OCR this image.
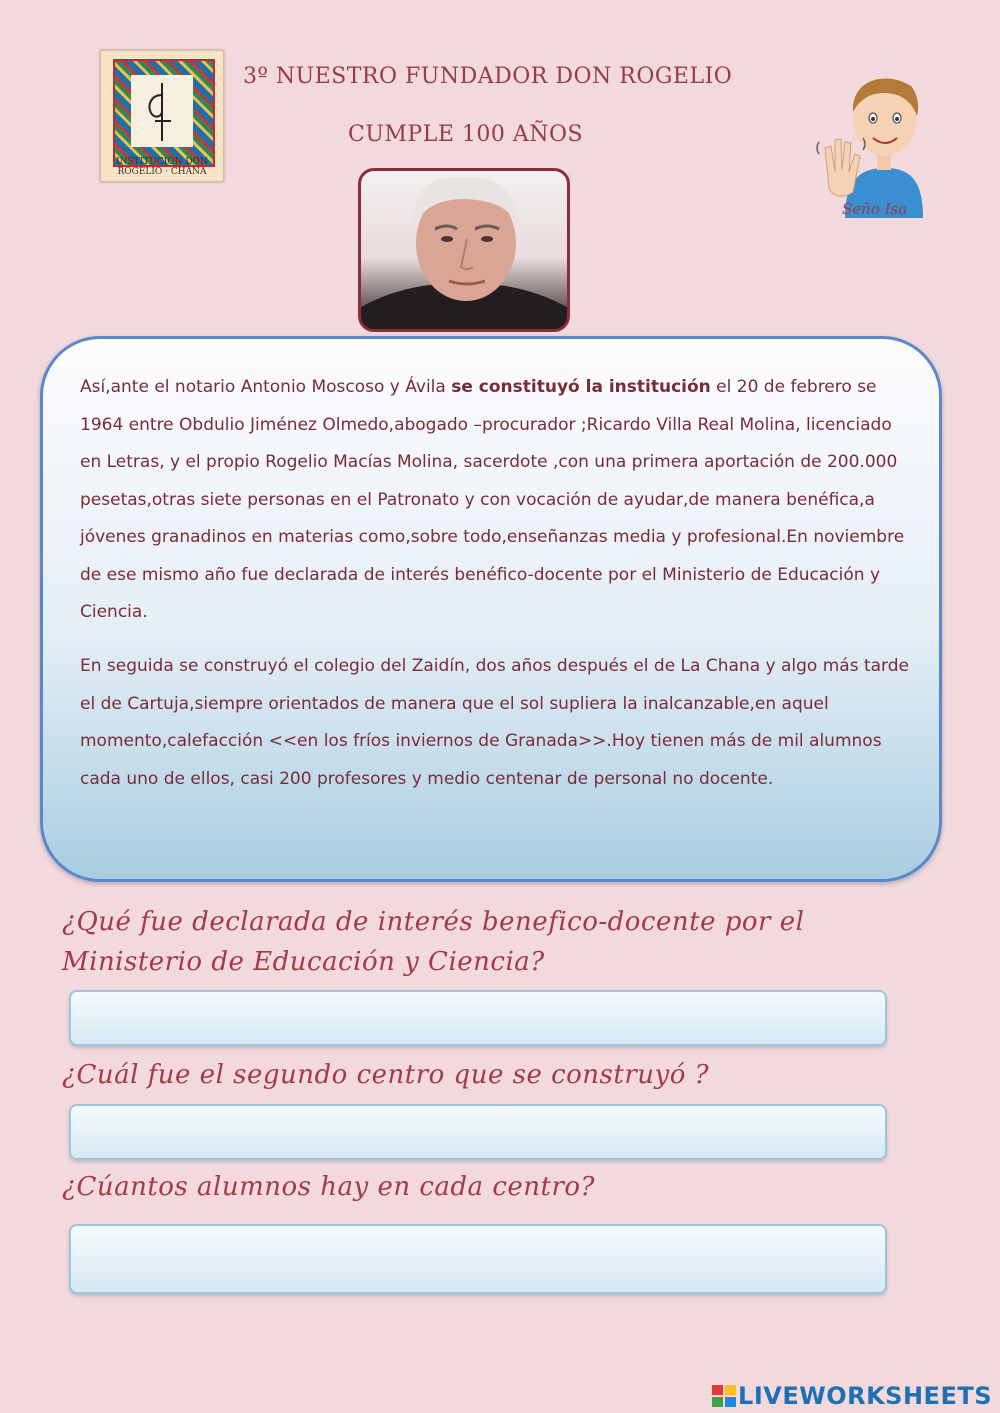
INSTITUCIÓN DON ROGELIO · CHANA
3º NUESTRO FUNDADOR DON ROGELIO
CUMPLE 100 AÑOS
Seño Isa

Así,ante el notario Antonio Moscoso y Ávila se constituyó la institución el 20 de febrero se 1964 entre Obdulio Jiménez Olmedo,abogado –procurador ;Ricardo Villa Real Molina, licenciado en Letras, y el propio Rogelio Macías Molina, sacerdote ,con una primera aportación de 200.000 pesetas,otras siete personas en el Patronato y con vocación de ayudar,de manera benéfica,a jóvenes granadinos en materias como,sobre todo,enseñanzas media y profesional.En noviembre de ese mismo año fue declarada de interés benéfico-docente por el Ministerio de Educación y Ciencia.

En seguida se construyó el colegio del Zaidín, dos años después el de La Chana y algo más tarde el de Cartuja,siempre orientados de manera que el sol supliera la inalcanzable,en aquel momento,calefacción <<en los fríos inviernos de Granada>>.Hoy tienen más de mil alumnos cada uno de ellos, casi 200 profesores y medio centenar de personal no docente.

¿Qué fue declarada de interés benefico-docente por el Ministerio de Educación y Ciencia?

¿Cuál fue el segundo centro que se construyó ?

¿Cúantos alumnos hay en cada centro?

LIVEWORKSHEETS
